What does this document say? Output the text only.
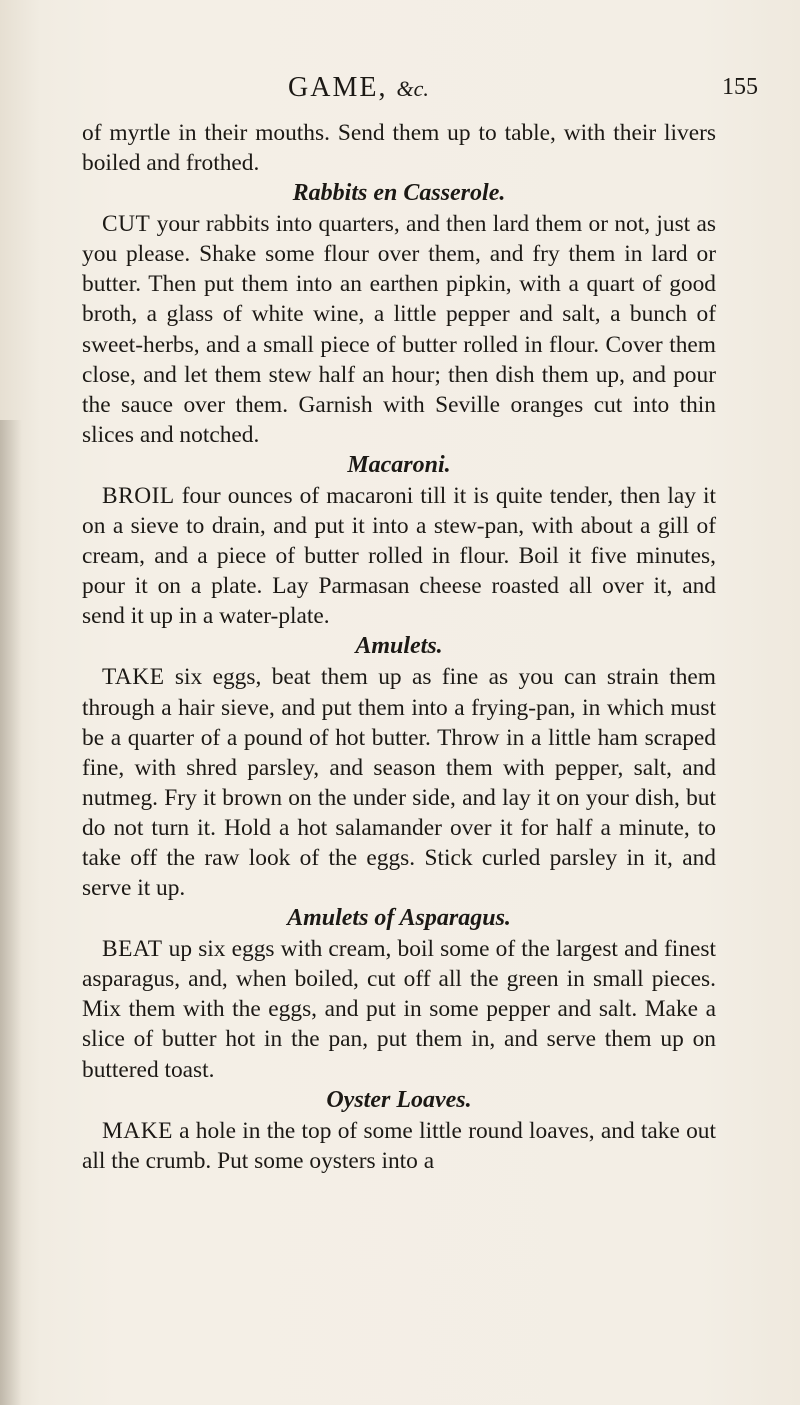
GAME, &c.	155

of myrtle in their mouths. Send them up to table, with their livers boiled and frothed.

Rabbits en Casserole.

CUT your rabbits into quarters, and then lard them or not, just as you please. Shake some flour over them, and fry them in lard or butter. Then put them into an earthen pipkin, with a quart of good broth, a glass of white wine, a little pepper and salt, a bunch of sweet-herbs, and a small piece of butter rolled in flour. Cover them close, and let them stew half an hour; then dish them up, and pour the sauce over them. Garnish with Seville oranges cut into thin slices and notched.

Macaroni.

BROIL four ounces of macaroni till it is quite tender, then lay it on a sieve to drain, and put it into a stew-pan, with about a gill of cream, and a piece of butter rolled in flour. Boil it five minutes, pour it on a plate. Lay Parmasan cheese roasted all over it, and send it up in a water-plate.

Amulets.

TAKE six eggs, beat them up as fine as you can strain them through a hair sieve, and put them into a frying-pan, in which must be a quarter of a pound of hot butter. Throw in a little ham scraped fine, with shred parsley, and season them with pepper, salt, and nutmeg. Fry it brown on the under side, and lay it on your dish, but do not turn it. Hold a hot salamander over it for half a minute, to take off the raw look of the eggs. Stick curled parsley in it, and serve it up.

Amulets of Asparagus.

BEAT up six eggs with cream, boil some of the largest and finest asparagus, and, when boiled, cut off all the green in small pieces. Mix them with the eggs, and put in some pepper and salt. Make a slice of butter hot in the pan, put them in, and serve them up on buttered toast.

Oyster Loaves.

MAKE a hole in the top of some little round loaves, and take out all the crumb. Put some oysters into a
